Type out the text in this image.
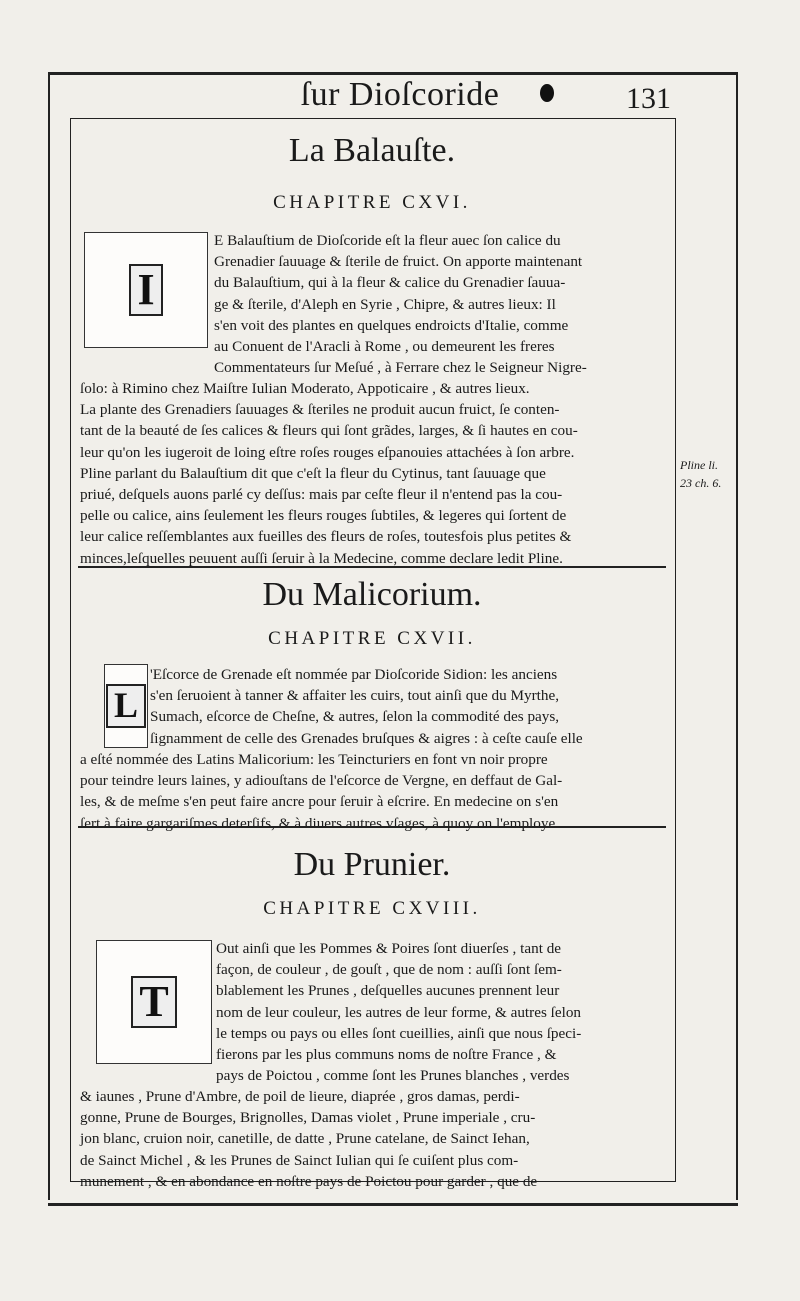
ſur Dioſcoride	131
La Balauſte.
CHAPITRE CXVI.
I

E Balauſtium de Dioſcoride eſt la fleur auec ſon calice du

Grenadier ſauuage & ſterile de fruict. On apporte maintenant

du Balauſtium, qui à la fleur & calice du Grenadier ſauua-

ge & ſterile, d'Aleph en Syrie , Chipre, & autres lieux: Il

s'en voit des plantes en quelques endroicts d'Italie, comme

au Conuent de l'Aracli à Rome , ou demeurent les freres

Commentateurs ſur Meſué , à Ferrare chez le Seigneur Nigre-

ſolo: à Rimino chez Maiſtre Iulian Moderato, Appoticaire , & autres lieux.

La plante des Grenadiers ſauuages & ſteriles ne produit aucun fruict, ſe conten-

tant de la beauté de ſes calices & fleurs qui ſont grãdes, larges, & ſi hautes en cou-

leur qu'on les iugeroit de loing eſtre roſes rouges eſpanouies attachées à ſon arbre.

Pline parlant du Balauſtium dit que c'eſt la fleur du Cytinus, tant ſauuage que

priué, deſquels auons parlé cy deſſus: mais par ceſte fleur il n'entend pas la cou-

pelle ou calice, ains ſeulement les fleurs rouges ſubtiles, & legeres qui ſortent de

leur calice reſſemblantes aux fueilles des fleurs de roſes, toutesfois plus petites &

minces,leſquelles peuuent auſſi ſeruir à la Medecine, comme declare ledit Pline.

Pline li.
23 ch. 6.
Du Malicorium.
CHAPITRE CXVII.
L

'Eſcorce de Grenade eſt nommée par Dioſcoride Sidion: les anciens

s'en ſeruoient à tanner & affaiter les cuirs, tout ainſi que du Myrthe,

Sumach, eſcorce de Cheſne, & autres, ſelon la commodité des pays,

ſignamment de celle des Grenades bruſques & aigres : à ceſte cauſe elle

a eſté nommée des Latins Malicorium: les Teincturiers en font vn noir propre

pour teindre leurs laines, y adiouſtans de l'eſcorce de Vergne, en deffaut de Gal-

les, & de meſme s'en peut faire ancre pour ſeruir à eſcrire. En medecine on s'en

ſert à faire gargariſmes deterſifs, & à diuers autres vſages, à quoy on l'employe.

Du Prunier.
CHAPITRE CXVIII.
T

Out ainſi que les Pommes & Poires ſont diuerſes , tant de

façon, de couleur , de gouſt , que de nom : auſſi ſont ſem-

blablement les Prunes , deſquelles aucunes prennent leur

nom de leur couleur, les autres de leur forme, & autres ſelon

le temps ou pays ou elles ſont cueillies, ainſi que nous ſpeci-

fierons par les plus communs noms de noſtre France , &

pays de Poictou , comme ſont les Prunes blanches , verdes

& iaunes , Prune d'Ambre, de poil de lieure, diaprée , gros damas, perdi-

gonne, Prune de Bourges, Brignolles, Damas violet , Prune imperiale , cru-

jon blanc, cruion noir, canetille, de datte , Prune catelane, de Sainct Iehan,

de Sainct Michel , & les Prunes de Sainct Iulian qui ſe cuiſent plus com-

munement , & en abondance en noſtre pays de Poictou pour garder , que de
